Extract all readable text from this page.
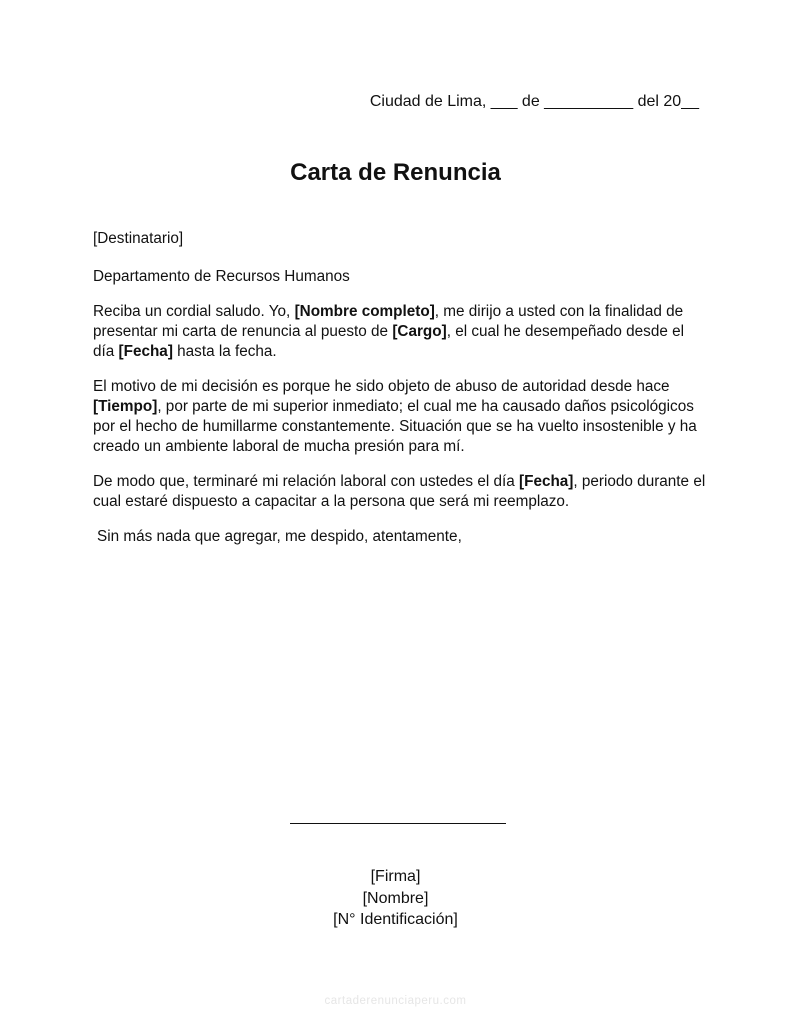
Ciudad de Lima, ___ de __________ del 20__
Carta de Renuncia

[Destinatario]

Departamento de Recursos Humanos

Reciba un cordial saludo. Yo, [Nombre completo], me dirijo a usted con la finalidad de presentar mi carta de renuncia al puesto de [Cargo], el cual he desempeñado desde el día [Fecha] hasta la fecha.

El motivo de mi decisión es porque he sido objeto de abuso de autoridad desde hace [Tiempo], por parte de mi superior inmediato; el cual me ha causado daños psicológicos por el hecho de humillarme constantemente. Situación que se ha vuelto insostenible y ha creado un ambiente laboral de mucha presión para mí.

De modo que, terminaré mi relación laboral con ustedes el día [Fecha], periodo durante el cual estaré dispuesto a capacitar a la persona que será mi reemplazo.

Sin más nada que agregar, me despido, atentamente,

[Firma]
[Nombre]
[N° Identificación]
cartaderenunciaperu.com
